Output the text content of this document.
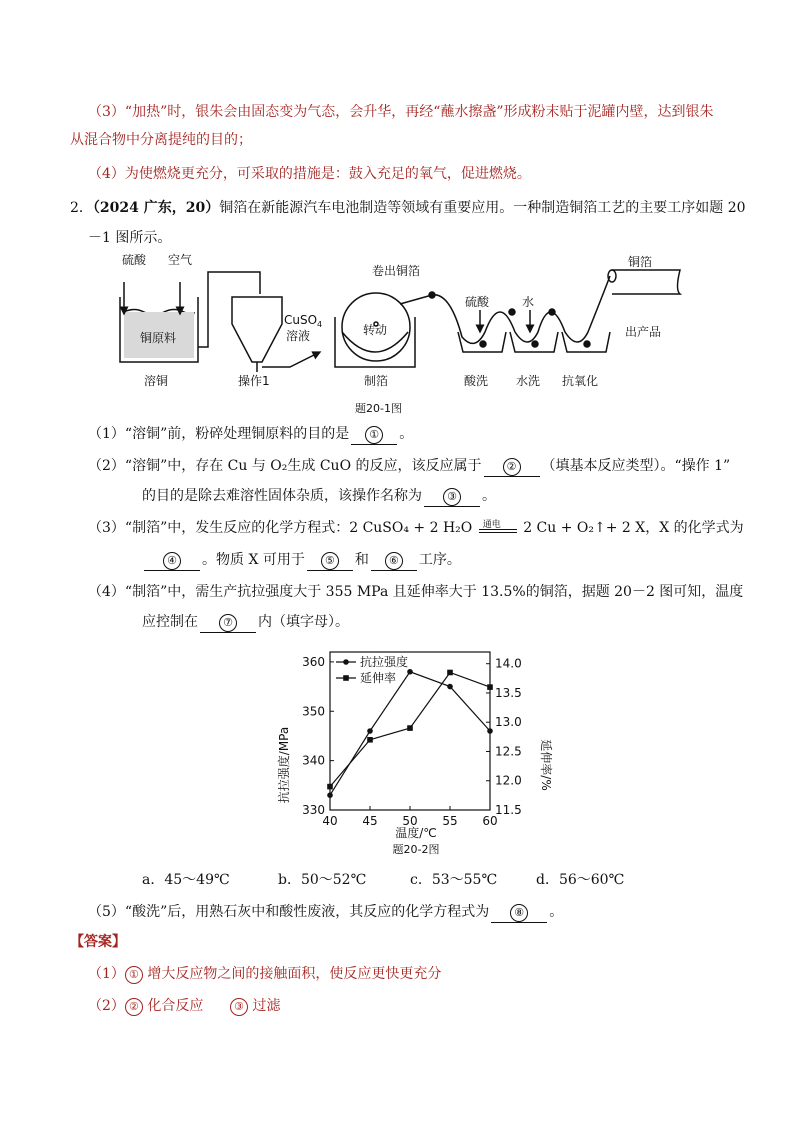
（3）“加热”时，银朱会由固态变为气态，会升华，再经“蘸水擦盏”形成粉末贴于泥罐内壁，达到银朱
从混合物中分离提纯的目的；
（4）为使燃烧更充分，可采取的措施是：鼓入充足的氧气，促进燃烧。
2．（2024 广东，20）铜箔在新能源汽车电池制造等领域有重要应用。一种制造铜箔工艺的主要工序如题 20
－1 图所示。
硫酸 空气
铜原料
溶铜
CuSO$_4$
溶液
操作1
卷出铜箔
转动
制箔
硫酸	水
酸洗 水洗 抗氧化
铜箔
出产品
题20-1图
（1）“溶铜”前，粉碎处理铜原料的目的是 ① 。
（2）“溶铜”中，存在 Cu 与 O₂生成 CuO 的反应，该反应属于 ② （填基本反应类型）。“操作 1”
的目的是除去难溶性固体杂质，该操作名称为 ③ 。
（3）“制箔”中，发生反应的化学方程式：2 CuSO₄ + 2 H₂O 通电 2 Cu + O₂↑+ 2 X，X 的化学式为
④ 。物质 X 可用于 ⑤ 和 ⑥ 工序。
（4）“制箔”中，需生产抗拉强度大于 355 MPa 且延伸率大于 13.5%的铜箔，据题 20－2 图可知，温度
应控制在 ⑦ 内（填字母）。
40 45 50 55 60
330
340
350
360
11.5
12.0
12.5
13.0
13.5
14.0
抗拉强度
延伸率
抗拉强度/MPa	延伸率/%
温度/℃
题20-2图
a．45～49℃	b．50～52℃	c．53～55℃	d．56～60℃
（5）“酸洗”后，用熟石灰中和酸性废液，其反应的化学方程式为 ⑧ 。
【答案】
（1） ① 增大反应物之间的接触面积，使反应更快更充分
（2） ② 化合反应	③ 过滤
